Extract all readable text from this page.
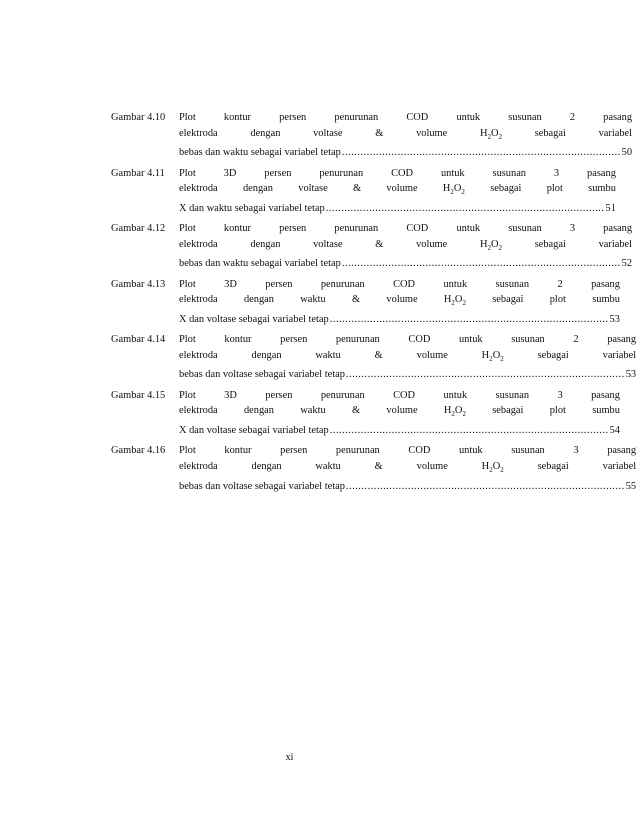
Gambar 4.10	Plot kontur persen penurunan COD untuk susunan 2 pasang
elektroda dengan voltase & volume $H_2O_2$ sebagai variabel
bebas dan waktu sebagai variabel tetap .......................................................................................... 50
Gambar 4.11	Plot 3D persen penurunan COD untuk susunan 3 pasang
elektroda dengan voltase & volume $H_2O_2$ sebagai plot sumbu
X dan waktu sebagai variabel tetap .......................................................................................... 51
Gambar 4.12	Plot kontur persen penurunan COD untuk susunan 3 pasang
elektroda dengan voltase & volume $H_2O_2$ sebagai variabel
bebas dan waktu sebagai variabel tetap .......................................................................................... 52
Gambar 4.13	Plot 3D persen penurunan COD untuk susunan 2 pasang
elektroda dengan waktu & volume $H_2O_2$ sebagai plot sumbu
X dan voltase sebagai variabel tetap .......................................................................................... 53
Gambar 4.14	Plot kontur persen penurunan COD untuk susunan 2 pasang
elektroda dengan waktu & volume $H_2O_2$ sebagai variabel
bebas dan voltase sebagai variabel tetap .......................................................................................... 53
Gambar 4.15	Plot 3D persen penurunan COD untuk susunan 3 pasang
elektroda dengan waktu & volume $H_2O_2$ sebagai plot sumbu
X dan voltase sebagai variabel tetap .......................................................................................... 54
Gambar 4.16	Plot kontur persen penurunan COD untuk susunan 3 pasang
elektroda dengan waktu & volume $H_2O_2$ sebagai variabel
bebas dan voltase sebagai variabel tetap .......................................................................................... 55
xi
